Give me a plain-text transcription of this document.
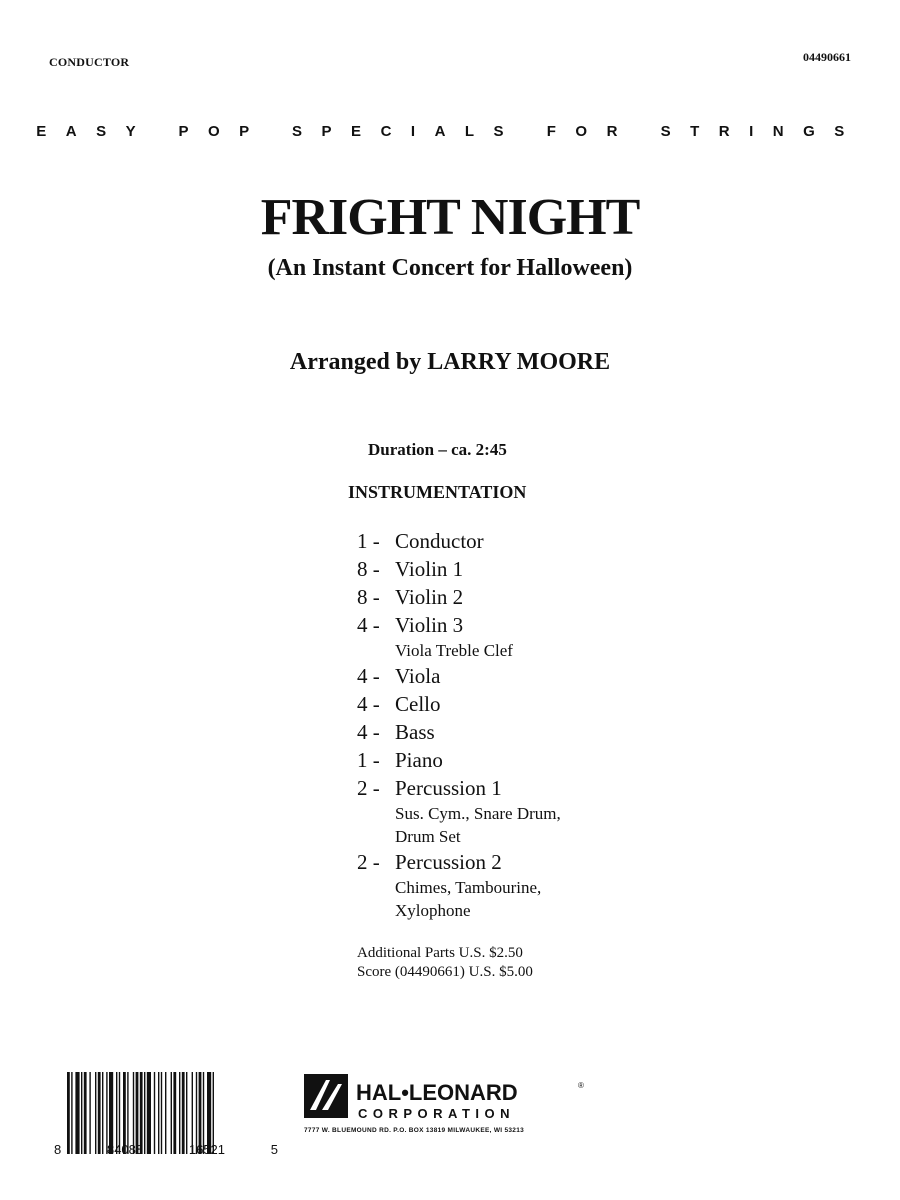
CONDUCTOR	04490661
EASY POP SPECIALS FOR STRINGS
FRIGHT NIGHT
(An Instant Concert for Halloween)
Arranged by LARRY MOORE
Duration – ca. 2:45
INSTRUMENTATION
1 - Conductor
8 - Violin 1
8 - Violin 2
4 - Violin 3
Viola Treble Clef
4 - Viola
4 - Cello
4 - Bass
1 - Piano
2 - Percussion 1
Sus. Cym., Snare Drum,
Drum Set
2 - Percussion 2
Chimes, Tambourine,
Xylophone
Additional Parts U.S. $2.50
Score (04490661) U.S. $5.00
8	84088	16521	5
HAL•LEONARD
CORPORATION
®
7777 W. BLUEMOUND RD. P.O. BOX 13819 MILWAUKEE, WI 53213
